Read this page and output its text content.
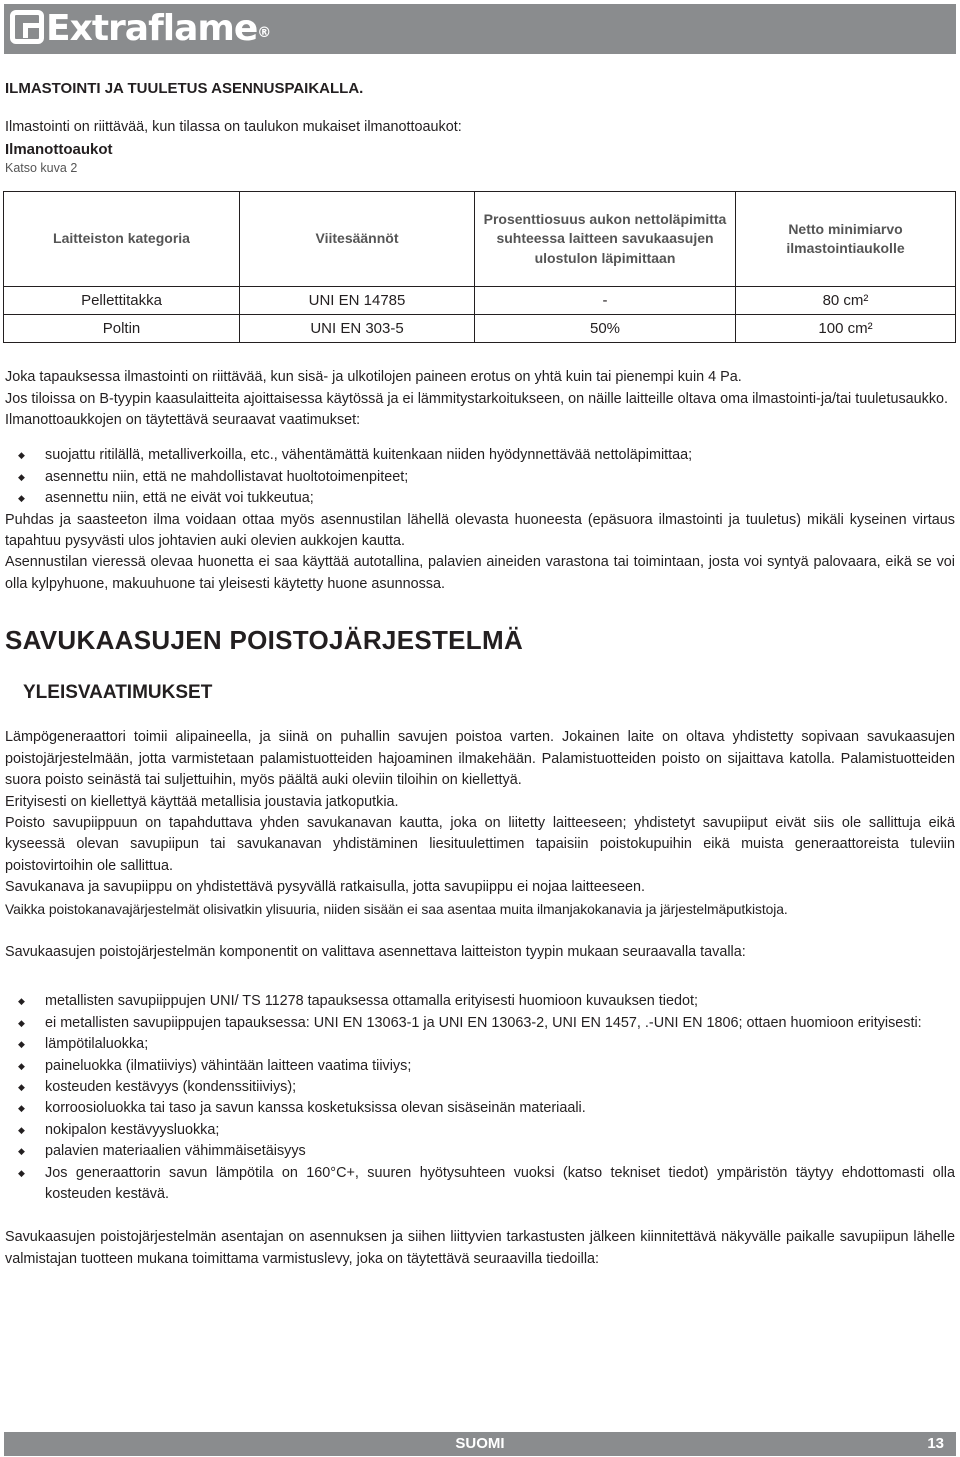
Extraflame®

ILMASTOINTI JA TUULETUS ASENNUSPAIKALLA.

Ilmastointi on riittävää, kun tilassa on taulukon mukaiset ilmanottoaukot:

Ilmanottoaukot

Katso kuva 2

Laitteiston kategoria	Viitesäännöt	Prosenttiosuus aukon nettoläpimitta suhteessa laitteen savukaasujen ulostulon läpimittaan	Netto minimiarvo ilmastointiaukolle
Pellettitakka	UNI EN 14785	-	80 cm²
Poltin	UNI EN 303-5	50%	100 cm²

Joka tapauksessa ilmastointi on riittävää, kun sisä- ja ulkotilojen paineen erotus on yhtä kuin tai pienempi kuin 4 Pa.

Jos tiloissa on B-tyypin kaasulaitteita ajoittaisessa käytössä ja ei lämmitystarkoitukseen, on näille laitteille oltava oma ilmastointi-ja/tai tuuletusaukko. Ilmanottoaukkojen on täytettävä seuraavat vaatimukset:

◆ suojattu ritilällä, metalliverkoilla, etc., vähentämättä kuitenkaan niiden hyödynnettävää nettoläpimittaa;
◆ asennettu niin, että ne mahdollistavat huoltotoimenpiteet;
◆ asennettu niin, että ne eivät voi tukkeutua;

Puhdas ja saasteeton ilma voidaan ottaa myös asennustilan lähellä olevasta huoneesta (epäsuora ilmastointi ja tuuletus) mikäli kyseinen virtaus tapahtuu pysyvästi ulos johtavien auki olevien aukkojen kautta.

Asennustilan vieressä olevaa huonetta ei saa käyttää autotallina, palavien aineiden varastona tai toimintaan, josta voi syntyä palovaara, eikä se voi olla kylpyhuone, makuuhuone tai yleisesti käytetty huone asunnossa.

SAVUKAASUJEN POISTOJÄRJESTELMÄ

YLEISVAATIMUKSET

Lämpögeneraattori toimii alipaineella, ja siinä on puhallin savujen poistoa varten. Jokainen laite on oltava yhdistetty sopivaan savukaasujen poistojärjestelmään, jotta varmistetaan palamistuotteiden hajoaminen ilmakehään. Palamistuotteiden poisto on sijaittava katolla. Palamistuotteiden suora poisto seinästä tai suljettuihin, myös päältä auki oleviin tiloihin on kiellettyä.

Erityisesti on kiellettyä käyttää metallisia joustavia jatkoputkia.

Poisto savupiippuun on tapahduttava yhden savukanavan kautta, joka on liitetty laitteeseen; yhdistetyt savupiiput eivät siis ole sallittuja eikä kyseessä olevan savupiipun tai savukanavan yhdistäminen liesituulettimen tapaisiin poistokupuihin eikä muista generaattoreista tuleviin poistovirtoihin ole sallittua.

Savukanava ja savupiippu on yhdistettävä pysyvällä ratkaisulla, jotta savupiippu ei nojaa laitteeseen.

Vaikka poistokanavajärjestelmät olisivatkin ylisuuria, niiden sisään ei saa asentaa muita ilmanjakokanavia ja järjestelmäputkistoja.

Savukaasujen poistojärjestelmän komponentit on valittava asennettava laitteiston tyypin mukaan seuraavalla tavalla:

◆ metallisten savupiippujen UNI/ TS 11278 tapauksessa ottamalla erityisesti huomioon kuvauksen tiedot;
◆ ei metallisten savupiippujen tapauksessa: UNI EN 13063-1 ja UNI EN 13063-2, UNI EN 1457, .-UNI EN 1806; ottaen huomioon erityisesti:
◆ lämpötilaluokka;
◆ paineluokka (ilmatiiviys) vähintään laitteen vaatima tiiviys;
◆ kosteuden kestävyys (kondenssitiiviys);
◆ korroosioluokka tai taso ja savun kanssa kosketuksissa olevan sisäseinän materiaali.
◆ nokipalon kestävyysluokka;
◆ palavien materiaalien vähimmäisetäisyys
◆ Jos generaattorin savun lämpötila on 160°C+, suuren hyötysuhteen vuoksi (katso tekniset tiedot) ympäristön täytyy ehdottomasti olla kosteuden kestävä.

Savukaasujen poistojärjestelmän asentajan on asennuksen ja siihen liittyvien tarkastusten jälkeen kiinnitettävä näkyvälle paikalle savupiipun lähelle valmistajan tuotteen mukana toimittama varmistuslevy, joka on täytettävä seuraavilla tiedoilla:

SUOMI	13
